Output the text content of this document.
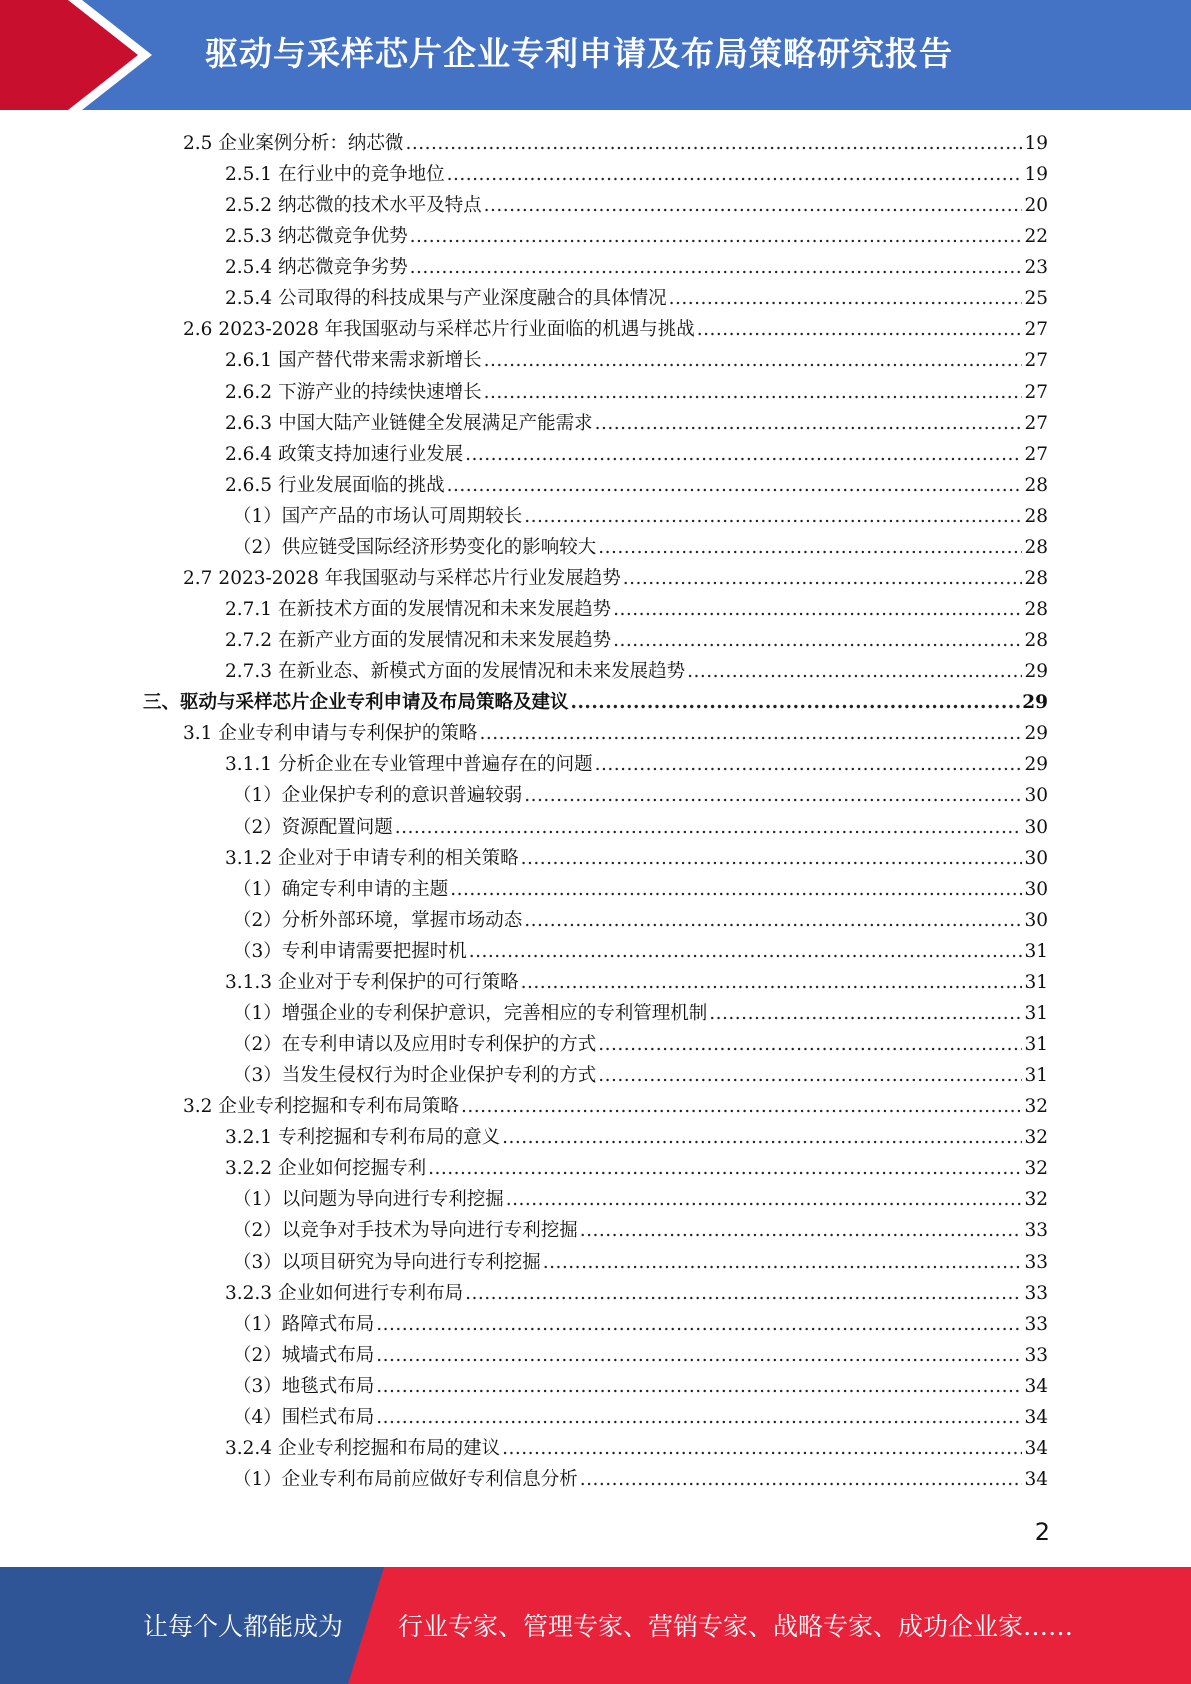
驱动与采样芯片企业专利申请及布局策略研究报告
2.5 企业案例分析：纳芯微 .....	19
2.5.1 在行业中的竞争地位 .....	19
2.5.2 纳芯微的技术水平及特点 .....	20
2.5.3 纳芯微竞争优势 .....	22
2.5.4 纳芯微竞争劣势 .....	23
2.5.4 公司取得的科技成果与产业深度融合的具体情况 .....	25
2.6 2023-2028 年我国驱动与采样芯片行业面临的机遇与挑战 .....	27
2.6.1 国产替代带来需求新增长 .....	27
2.6.2 下游产业的持续快速增长 .....	27
2.6.3 中国大陆产业链健全发展满足产能需求 .....	27
2.6.4 政策支持加速行业发展 .....	27
2.6.5 行业发展面临的挑战 .....	28
（1）国产产品的市场认可周期较长 .....	28
（2）供应链受国际经济形势变化的影响较大 .....	28
2.7 2023-2028 年我国驱动与采样芯片行业发展趋势 .....	28
2.7.1 在新技术方面的发展情况和未来发展趋势 .....	28
2.7.2 在新产业方面的发展情况和未来发展趋势 .....	28
2.7.3 在新业态、新模式方面的发展情况和未来发展趋势 .....	29
三、驱动与采样芯片企业专利申请及布局策略及建议 .....	29
3.1 企业专利申请与专利保护的策略 .....	29
3.1.1 分析企业在专业管理中普遍存在的问题 .....	29
（1）企业保护专利的意识普遍较弱 .....	30
（2）资源配置问题 .....	30
3.1.2 企业对于申请专利的相关策略 .....	30
（1）确定专利申请的主题 .....	30
（2）分析外部环境，掌握市场动态 .....	30
（3）专利申请需要把握时机 .....	31
3.1.3 企业对于专利保护的可行策略 .....	31
（1）增强企业的专利保护意识，完善相应的专利管理机制 .....	31
（2）在专利申请以及应用时专利保护的方式 .....	31
（3）当发生侵权行为时企业保护专利的方式 .....	31
3.2 企业专利挖掘和专利布局策略 .....	32
3.2.1 专利挖掘和专利布局的意义 .....	32
3.2.2 企业如何挖掘专利 .....	32
（1）以问题为导向进行专利挖掘 .....	32
（2）以竞争对手技术为导向进行专利挖掘 .....	33
（3）以项目研究为导向进行专利挖掘 .....	33
3.2.3 企业如何进行专利布局 .....	33
（1）路障式布局 .....	33
（2）城墙式布局 .....	33
（3）地毯式布局 .....	34
（4）围栏式布局 .....	34
3.2.4 企业专利挖掘和布局的建议 .....	34
（1）企业专利布局前应做好专利信息分析 .....	34
2
让每个人都能成为 行业专家、管理专家、营销专家、战略专家、成功企业家……
